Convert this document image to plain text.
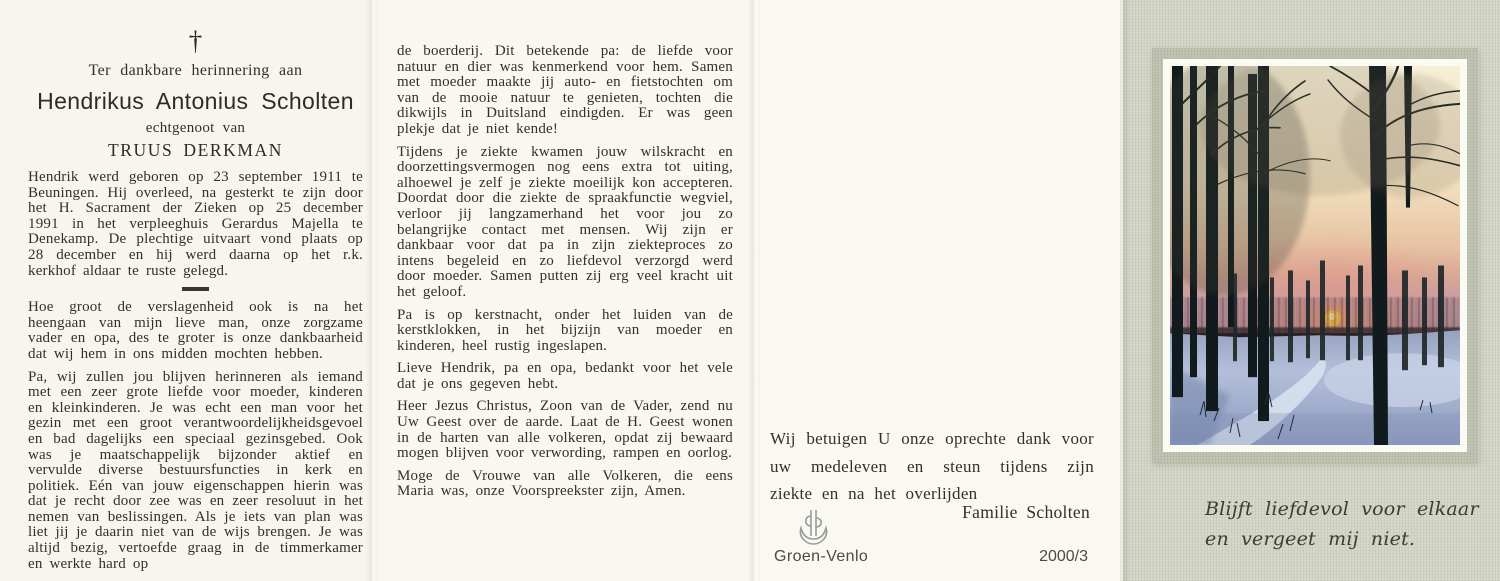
†
Ter dankbare herinnering aan
Hendrikus Antonius Scholten
echtgenoot van
TRUUS DERKMAN

Hendrik werd geboren op 23 september 1911 te Beuningen. Hij overleed, na gesterkt te zijn door het H. Sacrament der Zieken op 25 december 1991 in het verpleeghuis Gerardus Majella te Denekamp. De plechtige uitvaart vond plaats op 28 december en hij werd daarna op het r.k. kerkhof aldaar te ruste gelegd.

Hoe groot de verslagenheid ook is na het heengaan van mijn lieve man, onze zorgzame vader en opa, des te groter is onze dankbaarheid dat wij hem in ons midden mochten hebben.

Pa, wij zullen jou blijven herinneren als iemand met een zeer grote liefde voor moeder, kinderen en kleinkinderen. Je was echt een man voor het gezin met een groot verantwoordelijkheidsgevoel en bad dagelijks een speciaal gezinsgebed. Ook was je maatschappelijk bijzonder aktief en vervulde diverse bestuursfuncties in kerk en politiek. Eén van jouw eigenschappen hierin was dat je recht door zee was en zeer resoluut in het nemen van beslissingen. Als je iets van plan was liet jij je daarin niet van de wijs brengen. Je was altijd bezig, vertoefde graag in de timmerkamer en werkte hard op

de boerderij. Dit betekende pa: de liefde voor natuur en dier was kenmerkend voor hem. Samen met moeder maakte jij auto- en fietstochten om van de mooie natuur te genieten, tochten die dikwijls in Duitsland eindigden. Er was geen plekje dat je niet kende!

Tijdens je ziekte kwamen jouw wilskracht en doorzettingsvermogen nog eens extra tot uiting, alhoewel je zelf je ziekte moeilijk kon accepteren. Doordat door die ziekte de spraakfunctie wegviel, verloor jij langzamerhand het voor jou zo belangrijke contact met mensen. Wij zijn er dankbaar voor dat pa in zijn ziekteproces zo intens begeleid en zo liefdevol verzorgd werd door moeder. Samen putten zij erg veel kracht uit het geloof.

Pa is op kerstnacht, onder het luiden van de kerstklokken, in het bijzijn van moeder en kinderen, heel rustig ingeslapen.

Lieve Hendrik, pa en opa, bedankt voor het vele dat je ons gegeven hebt.

Heer Jezus Christus, Zoon van de Vader, zend nu Uw Geest over de aarde. Laat de H. Geest wonen in de harten van alle volkeren, opdat zij bewaard mogen blijven voor verwording, rampen en oorlog.

Moge de Vrouwe van alle Volkeren, die eens Maria was, onze Voorspreekster zijn, Amen.

Wij betuigen U onze oprechte dank voor uw medeleven en steun tijdens zijn ziekte en na het overlijden

Familie Scholten
Groen-Venlo	2000/3
Blijft liefdevol voor elkaar
en vergeet mij niet.
